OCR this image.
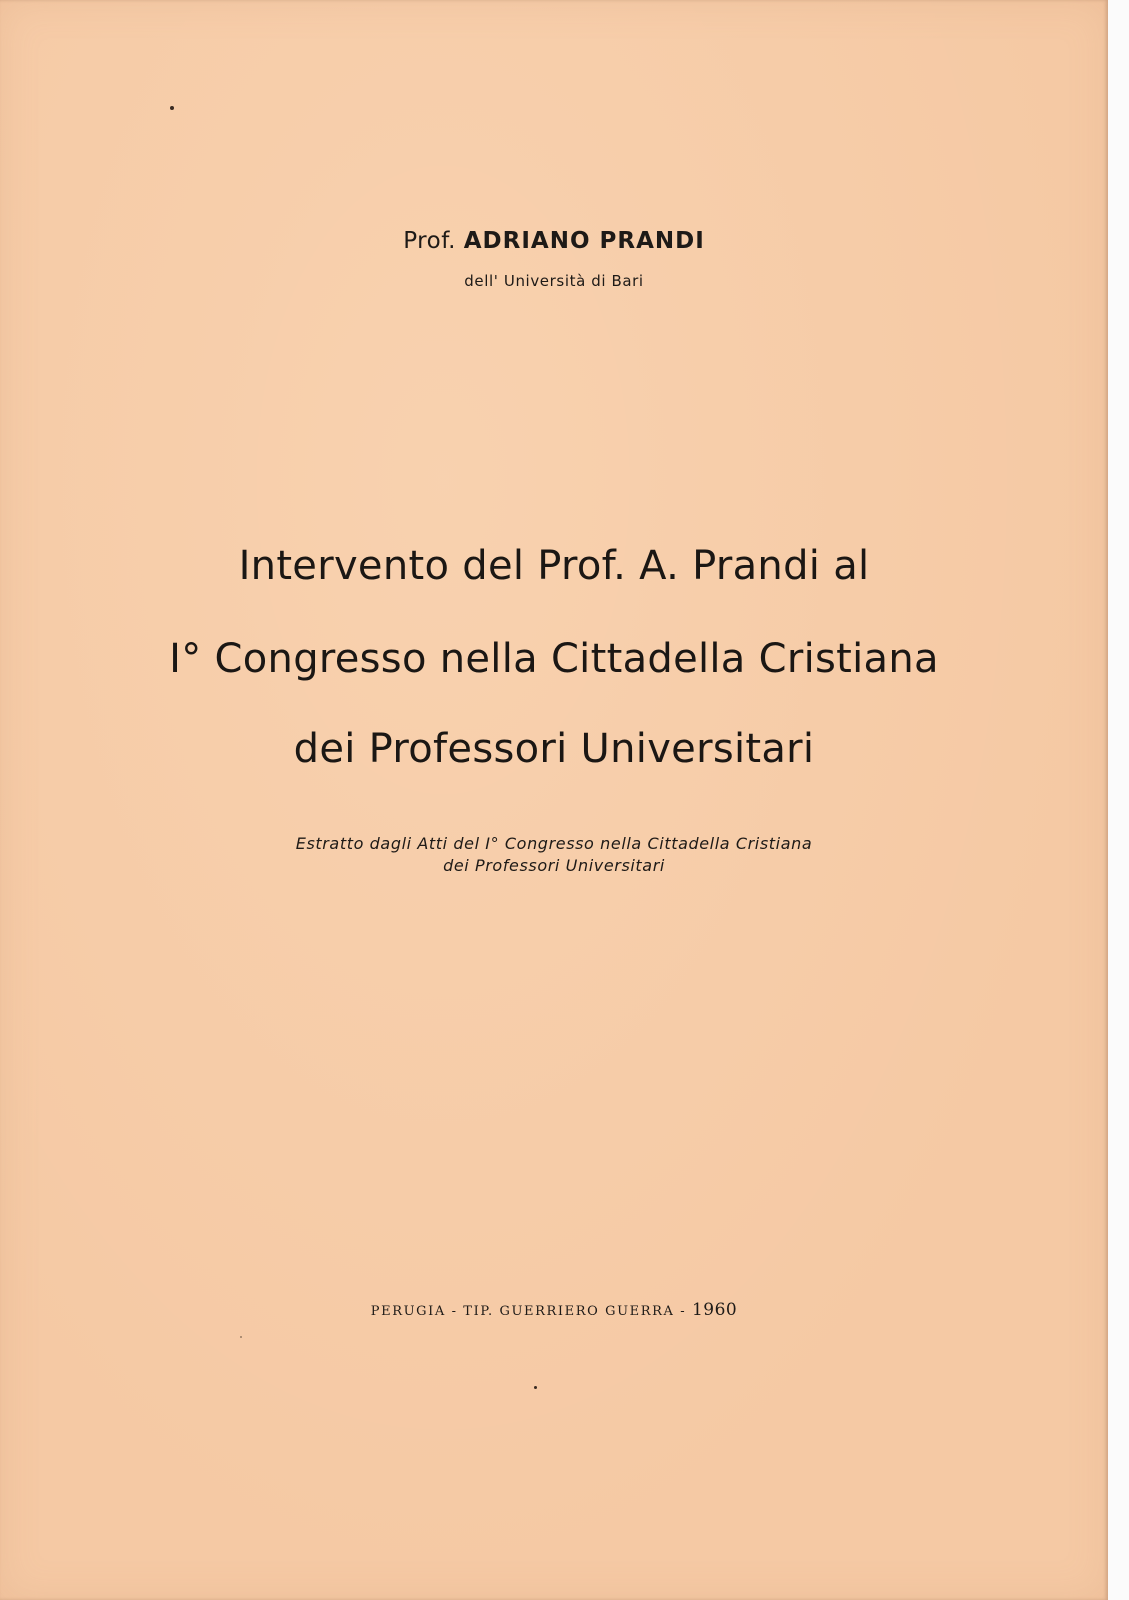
Prof. ADRIANO PRANDI
dell' Università di Bari
Intervento del Prof. A. Prandi al
I° Congresso nella Cittadella Cristiana
dei Professori Universitari
Estratto dagli Atti del I° Congresso nella Cittadella Cristiana
dei Professori Universitari
PERUGIA - TIP. GUERRIERO GUERRA - 1960
